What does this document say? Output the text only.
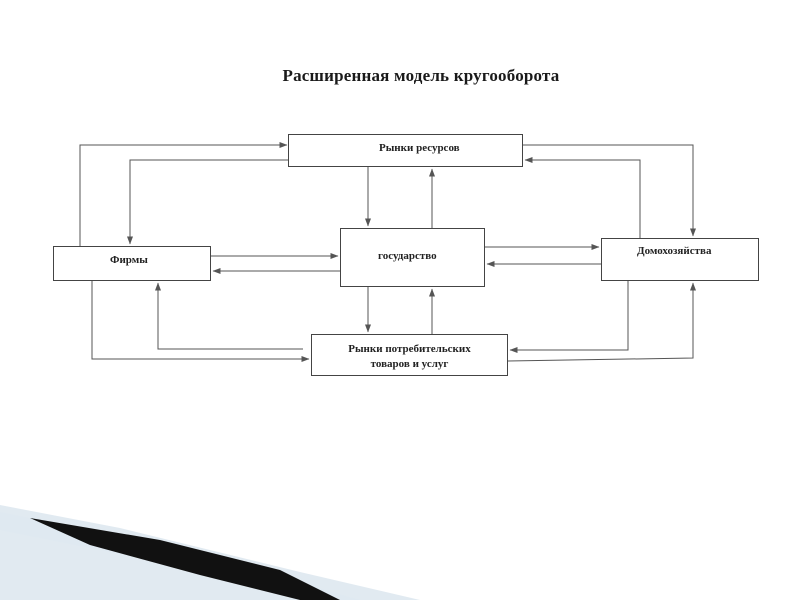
Расширенная модель кругооборота
Рынки ресурсов
Фирмы	государство	Домохозяйства
Рынки потребительских
товаров и услуг
